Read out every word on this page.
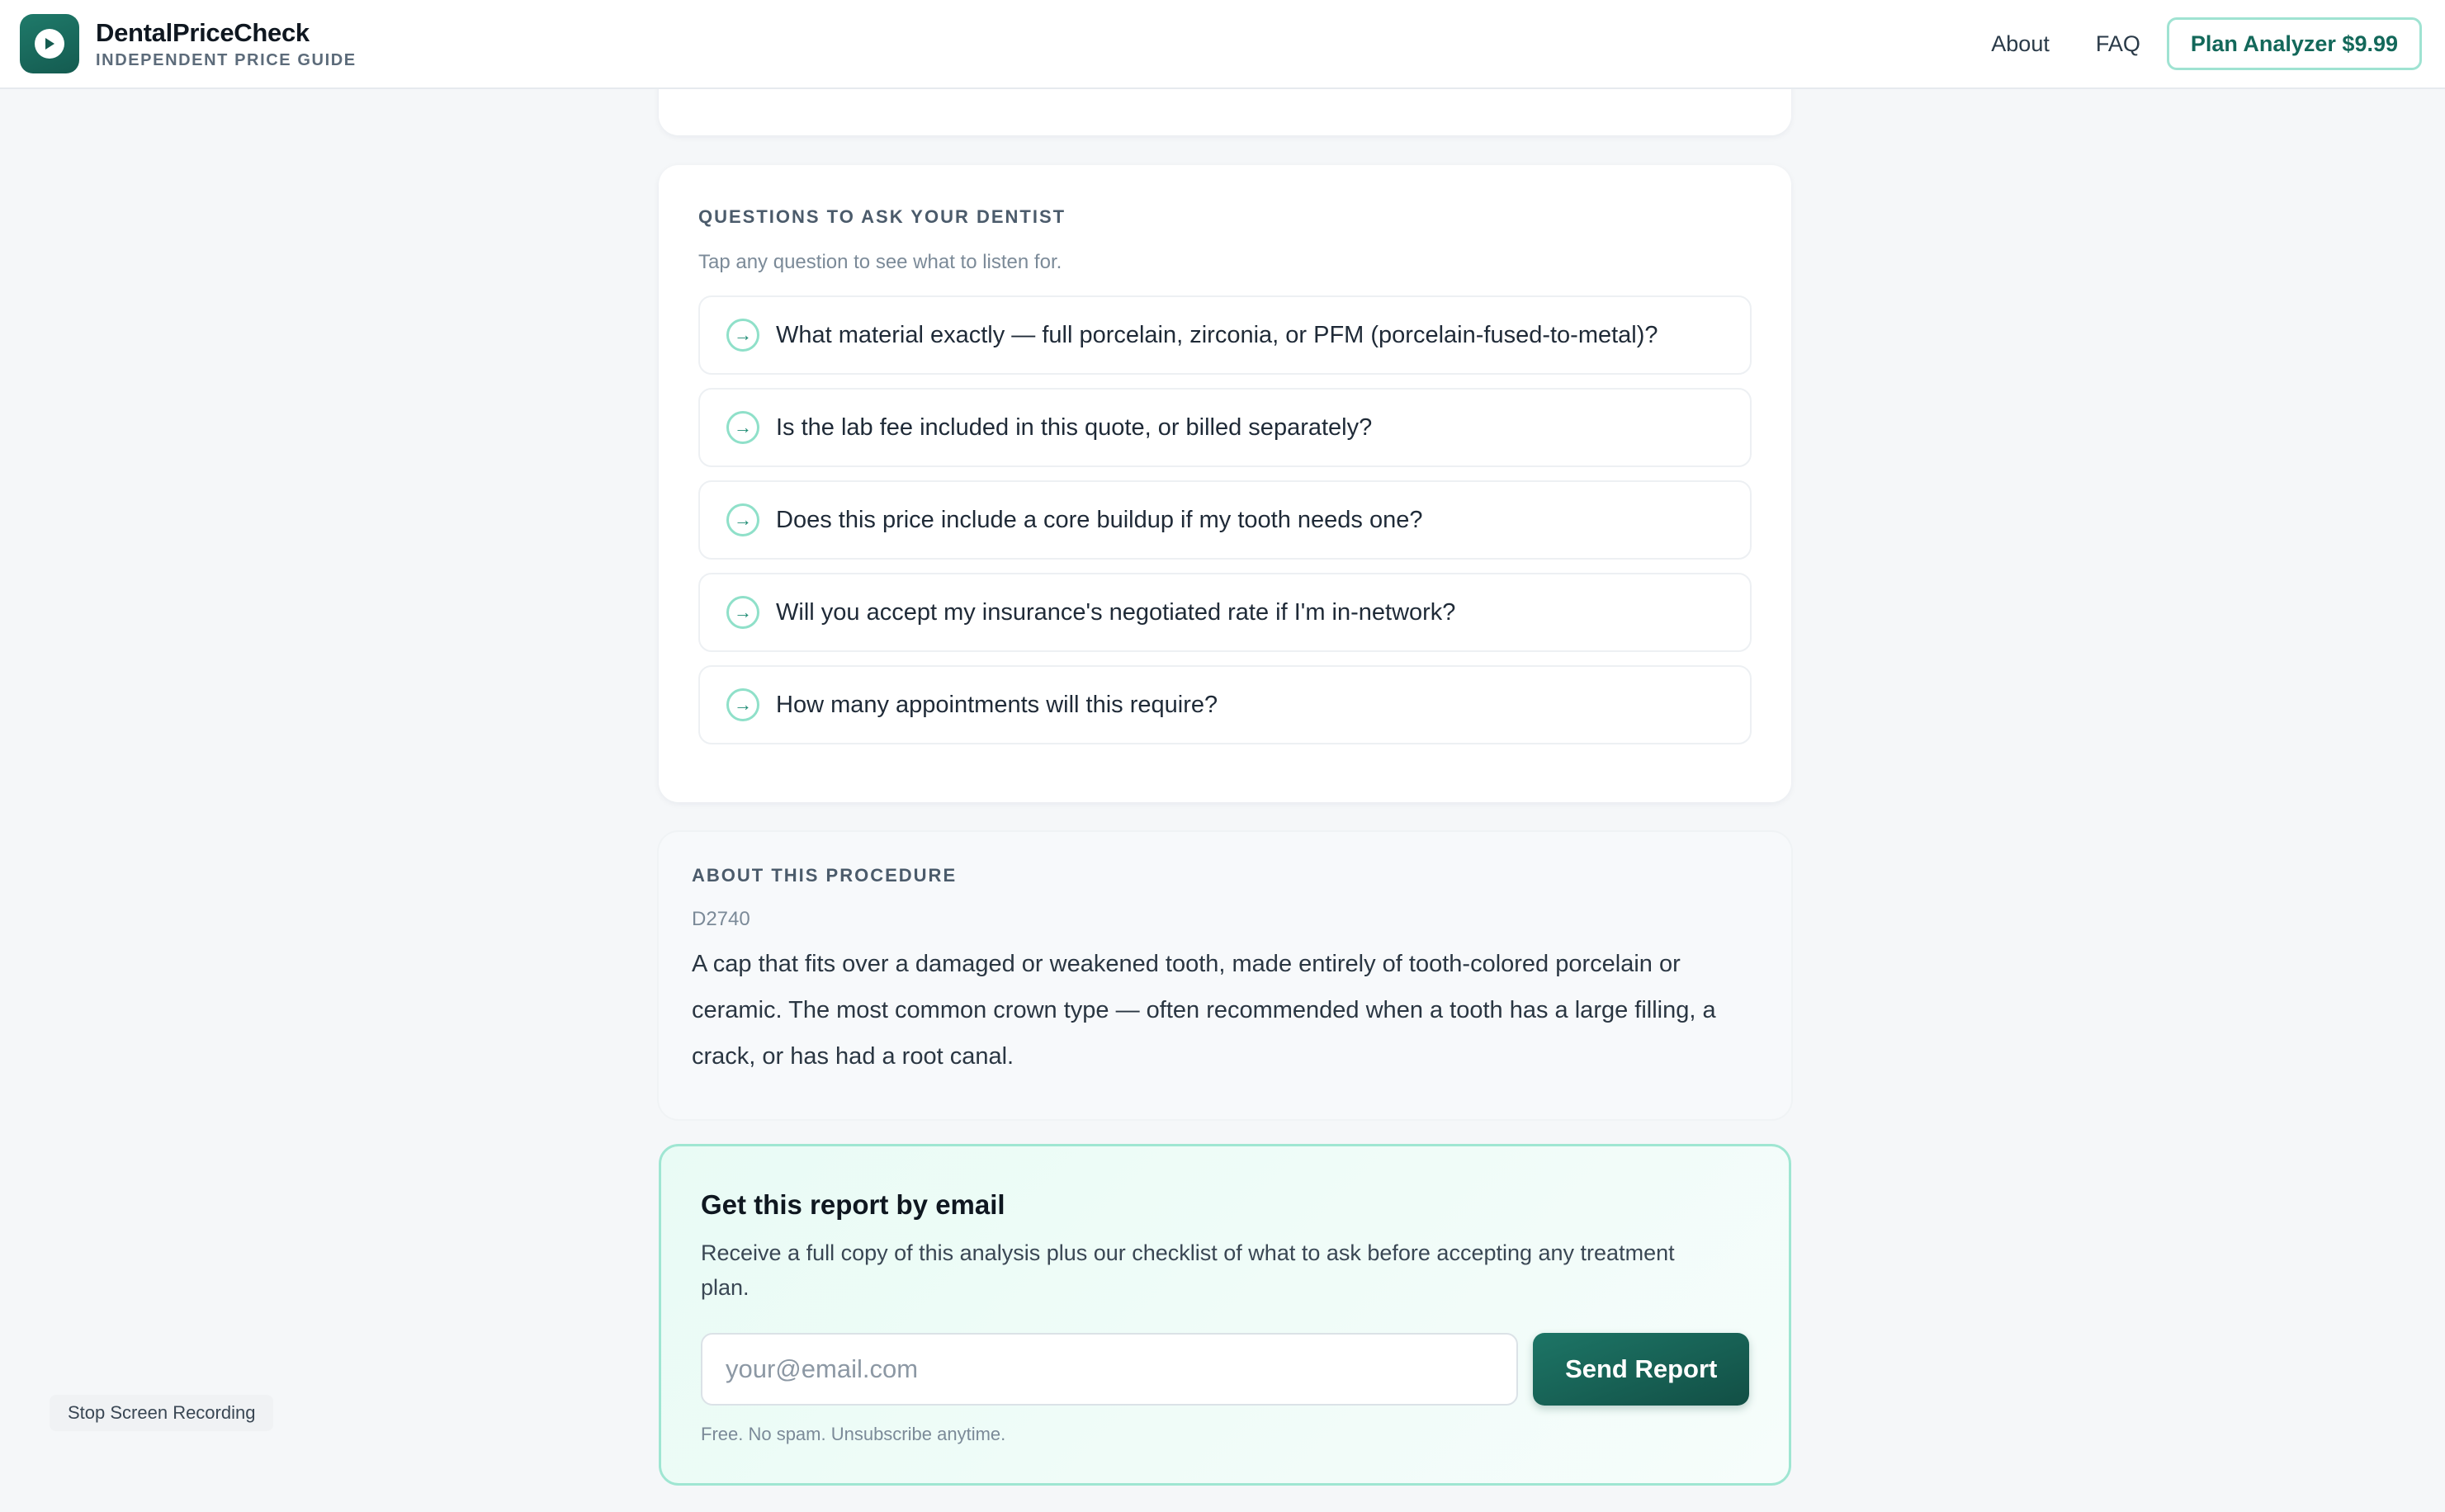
DentalPriceCheck
INDEPENDENT PRICE GUIDE
About FAQ	Plan Analyzer $9.99
QUESTIONS TO ASK YOUR DENTIST
Tap any question to see what to listen for.
→	What material exactly — full porcelain, zirconia, or PFM (porcelain-fused-to-metal)?
→	Is the lab fee included in this quote, or billed separately?
→	Does this price include a core buildup if my tooth needs one?
→	Will you accept my insurance's negotiated rate if I'm in-network?
→	How many appointments will this require?
ABOUT THIS PROCEDURE
D2740
A cap that fits over a damaged or weakened tooth, made entirely of tooth-colored porcelain or ceramic. The most common crown type — often recommended when a tooth has a large filling, a crack, or has had a root canal.
Get this report by email
Receive a full copy of this analysis plus our checklist of what to ask before accepting any treatment plan.
your@email.com
Send Report
Free. No spam. Unsubscribe anytime.
Stop Screen Recording
